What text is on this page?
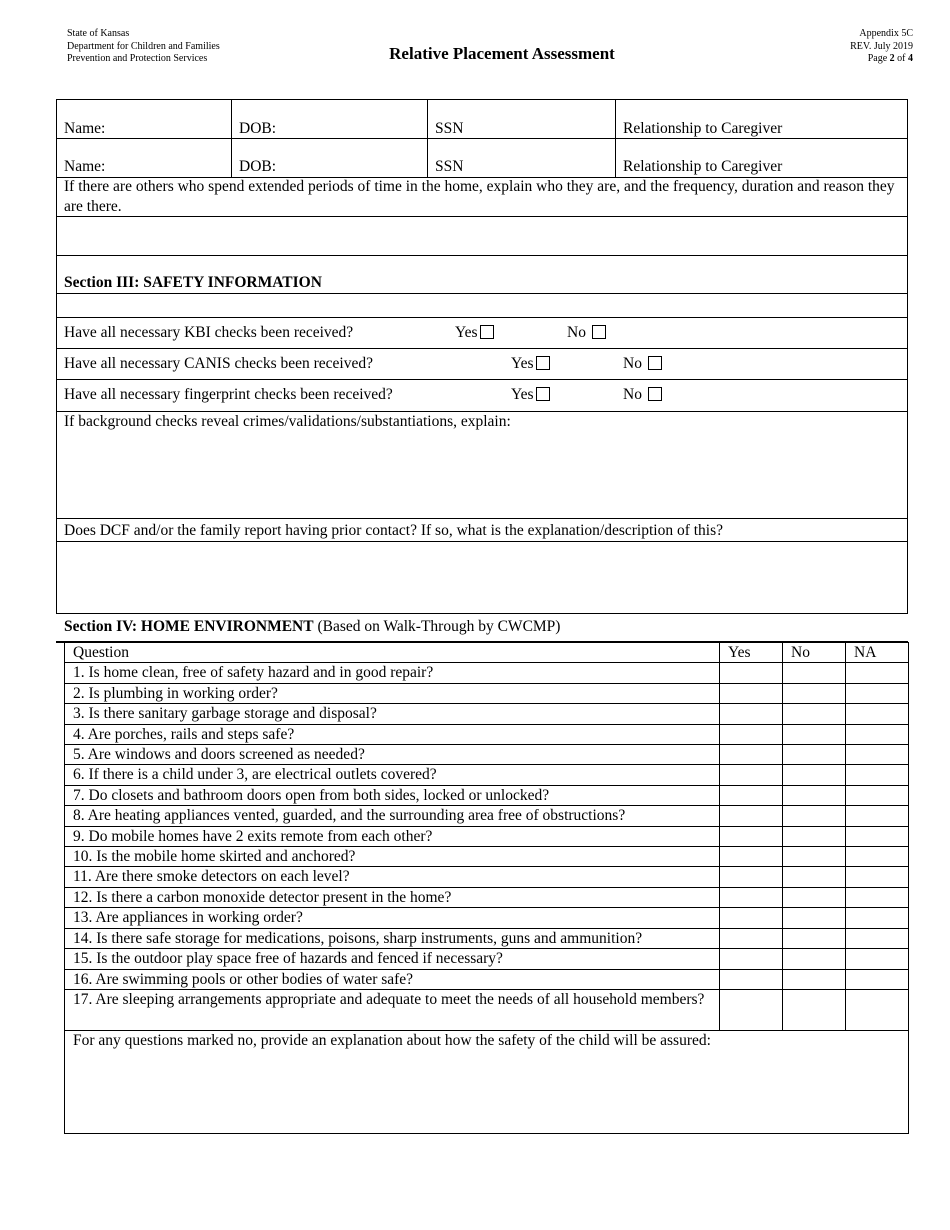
State of Kansas
Department for Children and Families
Prevention and Protection Services	Relative Placement Assessment
Appendix 5C
REV. July 2019
Page 2 of 4
Name:	DOB:	SSN	Relationship to Caregiver
Name:	DOB:	SSN	Relationship to Caregiver
If there are others who spend extended periods of time in the home, explain who they are, and the frequency, duration and reason they are there.
Section III: SAFETY INFORMATION
Have all necessary KBI checks been received?	Yes	No
Have all necessary CANIS checks been received?	Yes	No
Have all necessary fingerprint checks been received?	Yes	No
If background checks reveal crimes/validations/substantiations, explain:
Does DCF and/or the family report having prior contact? If so, what is the explanation/description of this?
Section IV: HOME ENVIRONMENT (Based on Walk-Through by CWCMP)
Question	Yes	No	NA
1. Is home clean, free of safety hazard and in good repair?			
2. Is plumbing in working order?			
3. Is there sanitary garbage storage and disposal?			
4. Are porches, rails and steps safe?			
5. Are windows and doors screened as needed?			
6. If there is a child under 3, are electrical outlets covered?			
7. Do closets and bathroom doors open from both sides, locked or unlocked?			
8. Are heating appliances vented, guarded, and the surrounding area free of obstructions?			
9. Do mobile homes have 2 exits remote from each other?			
10. Is the mobile home skirted and anchored?			
11. Are there smoke detectors on each level?			
12. Is there a carbon monoxide detector present in the home?			
13. Are appliances in working order?			
14. Is there safe storage for medications, poisons, sharp instruments, guns and ammunition?			
15. Is the outdoor play space free of hazards and fenced if necessary?			
16. Are swimming pools or other bodies of water safe?			
17. Are sleeping arrangements appropriate and adequate to meet the needs of all household members?			
For any questions marked no, provide an explanation about how the safety of the child will be assured:			
